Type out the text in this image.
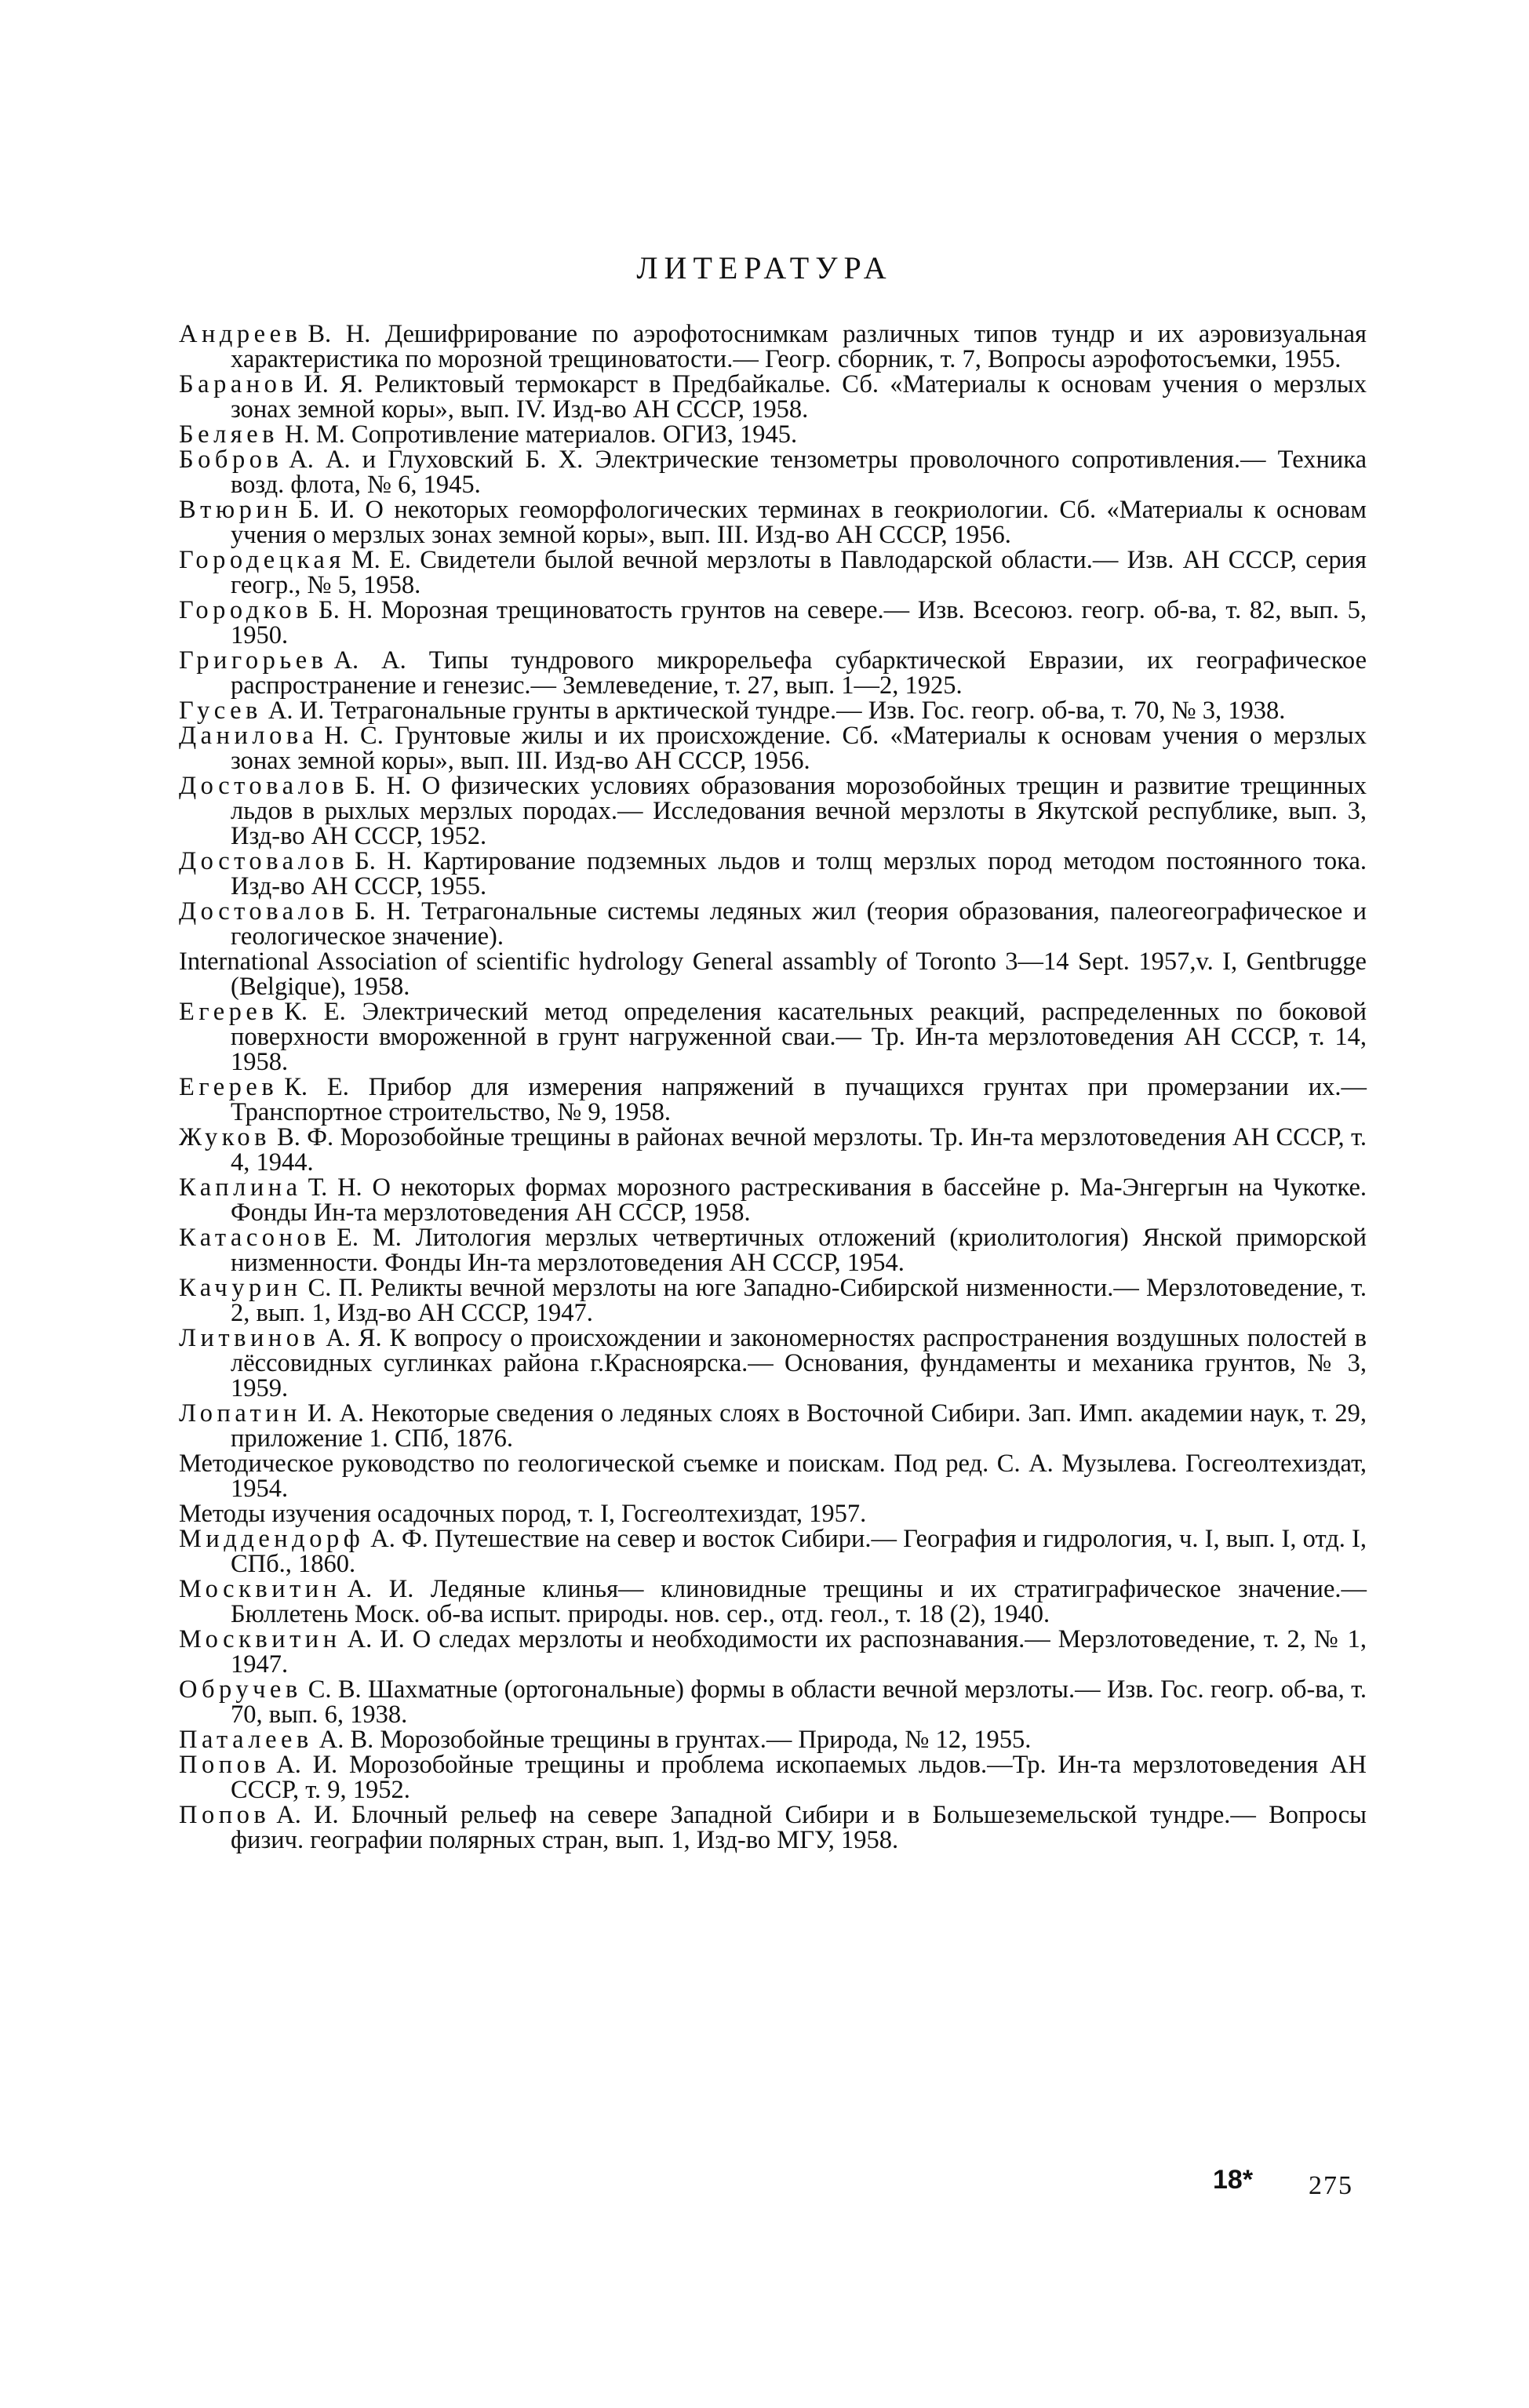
ЛИТЕРАТУРА
Андреев В. Н. Дешифрирование по аэрофотоснимкам различных типов тундр и их аэровизуальная характеристика по морозной трещиноватости.— Геогр. сборник, т. 7, Вопросы аэрофотосъемки, 1955.
Баранов И. Я. Реликтовый термокарст в Предбайкалье. Сб. «Материалы к основам учения о мерзлых зонах земной коры», вып. IV. Изд-во АН СССР, 1958.
Беляев Н. М. Сопротивление материалов. ОГИЗ, 1945.
Бобров А. А. и Глуховский Б. Х. Электрические тензометры проволочного сопротивления.— Техника возд. флота, № 6, 1945.
Втюрин Б. И. О некоторых геоморфологических терминах в геокриологии. Сб. «Материалы к основам учения о мерзлых зонах земной коры», вып. III. Изд-во АН СССР, 1956.
Городецкая М. Е. Свидетели былой вечной мерзлоты в Павлодарской области.— Изв. АН СССР, серия геогр., № 5, 1958.
Городков Б. Н. Морозная трещиноватость грунтов на севере.— Изв. Всесоюз. геогр. об-ва, т. 82, вып. 5, 1950.
Григорьев А. А. Типы тундрового микрорельефа субарктической Евразии, их географическое распространение и генезис.— Землеведение, т. 27, вып. 1—2, 1925.
Гусев А. И. Тетрагональные грунты в арктической тундре.— Изв. Гос. геогр. об-ва, т. 70, № 3, 1938.
Данилова Н. С. Грунтовые жилы и их происхождение. Сб. «Материалы к основам учения о мерзлых зонах земной коры», вып. III. Изд-во АН СССР, 1956.
Достовалов Б. Н. О физических условиях образования морозобойных трещин и развитие трещинных льдов в рыхлых мерзлых породах.— Исследования вечной мерзлоты в Якутской республике, вып. 3, Изд-во АН СССР, 1952.
Достовалов Б. Н. Картирование подземных льдов и толщ мерзлых пород методом постоянного тока. Изд-во АН СССР, 1955.
Достовалов Б. Н. Тетрагональные системы ледяных жил (теория образования, палеогеографическое и геологическое значение).
International Association of scientific hydrology General assambly of Toronto 3—14 Sept. 1957,v. I, Gentbrugge (Belgique), 1958.
Егерев К. Е. Электрический метод определения касательных реакций, распределенных по боковой поверхности вмороженной в грунт нагруженной сваи.— Тр. Ин-та мерзлотоведения АН СССР, т. 14, 1958.
Егерев К. Е. Прибор для измерения напряжений в пучащихся грунтах при промерзании их.— Транспортное строительство, № 9, 1958.
Жуков В. Ф. Морозобойные трещины в районах вечной мерзлоты. Тр. Ин-та мерзлотоведения АН СССР, т. 4, 1944.
Каплина Т. Н. О некоторых формах морозного растрескивания в бассейне р. Ма-Энгергын на Чукотке. Фонды Ин-та мерзлотоведения АН СССР, 1958.
Катасонов Е. М. Литология мерзлых четвертичных отложений (криолитология) Янской приморской низменности. Фонды Ин-та мерзлотоведения АН СССР, 1954.
Качурин С. П. Реликты вечной мерзлоты на юге Западно-Сибирской низменности.— Мерзлотоведение, т. 2, вып. 1, Изд-во АН СССР, 1947.
Литвинов А. Я. К вопросу о происхождении и закономерностях распространения воздушных полостей в лёссовидных суглинках района г.Красноярска.— Основания, фундаменты и механика грунтов, № 3, 1959.
Лопатин И. А. Некоторые сведения о ледяных слоях в Восточной Сибири. Зап. Имп. академии наук, т. 29, приложение 1. СПб, 1876.
Методическое руководство по геологической съемке и поискам. Под ред. С. А. Музылева. Госгеолтехиздат, 1954.
Методы изучения осадочных пород, т. I, Госгеолтехиздат, 1957.
Миддендорф А. Ф. Путешествие на север и восток Сибири.— География и гидрология, ч. I, вып. I, отд. I, СПб., 1860.
Москвитин А. И. Ледяные клинья— клиновидные трещины и их стратиграфическое значение.— Бюллетень Моск. об-ва испыт. природы. нов. сер., отд. геол., т. 18 (2), 1940.
Москвитин А. И. О следах мерзлоты и необходимости их распознавания.— Мерзлотоведение, т. 2, № 1, 1947.
Обручев С. В. Шахматные (ортогональные) формы в области вечной мерзлоты.— Изв. Гос. геогр. об-ва, т. 70, вып. 6, 1938.
Паталеев А. В. Морозобойные трещины в грунтах.— Природа, № 12, 1955.
Попов А. И. Морозобойные трещины и проблема ископаемых льдов.—Тр. Ин-та мерзлотоведения АН СССР, т. 9, 1952.
Попов А. И. Блочный рельеф на севере Западной Сибири и в Большеземельской тундре.— Вопросы физич. географии полярных стран, вып. 1, Изд-во МГУ, 1958.
18* 275
